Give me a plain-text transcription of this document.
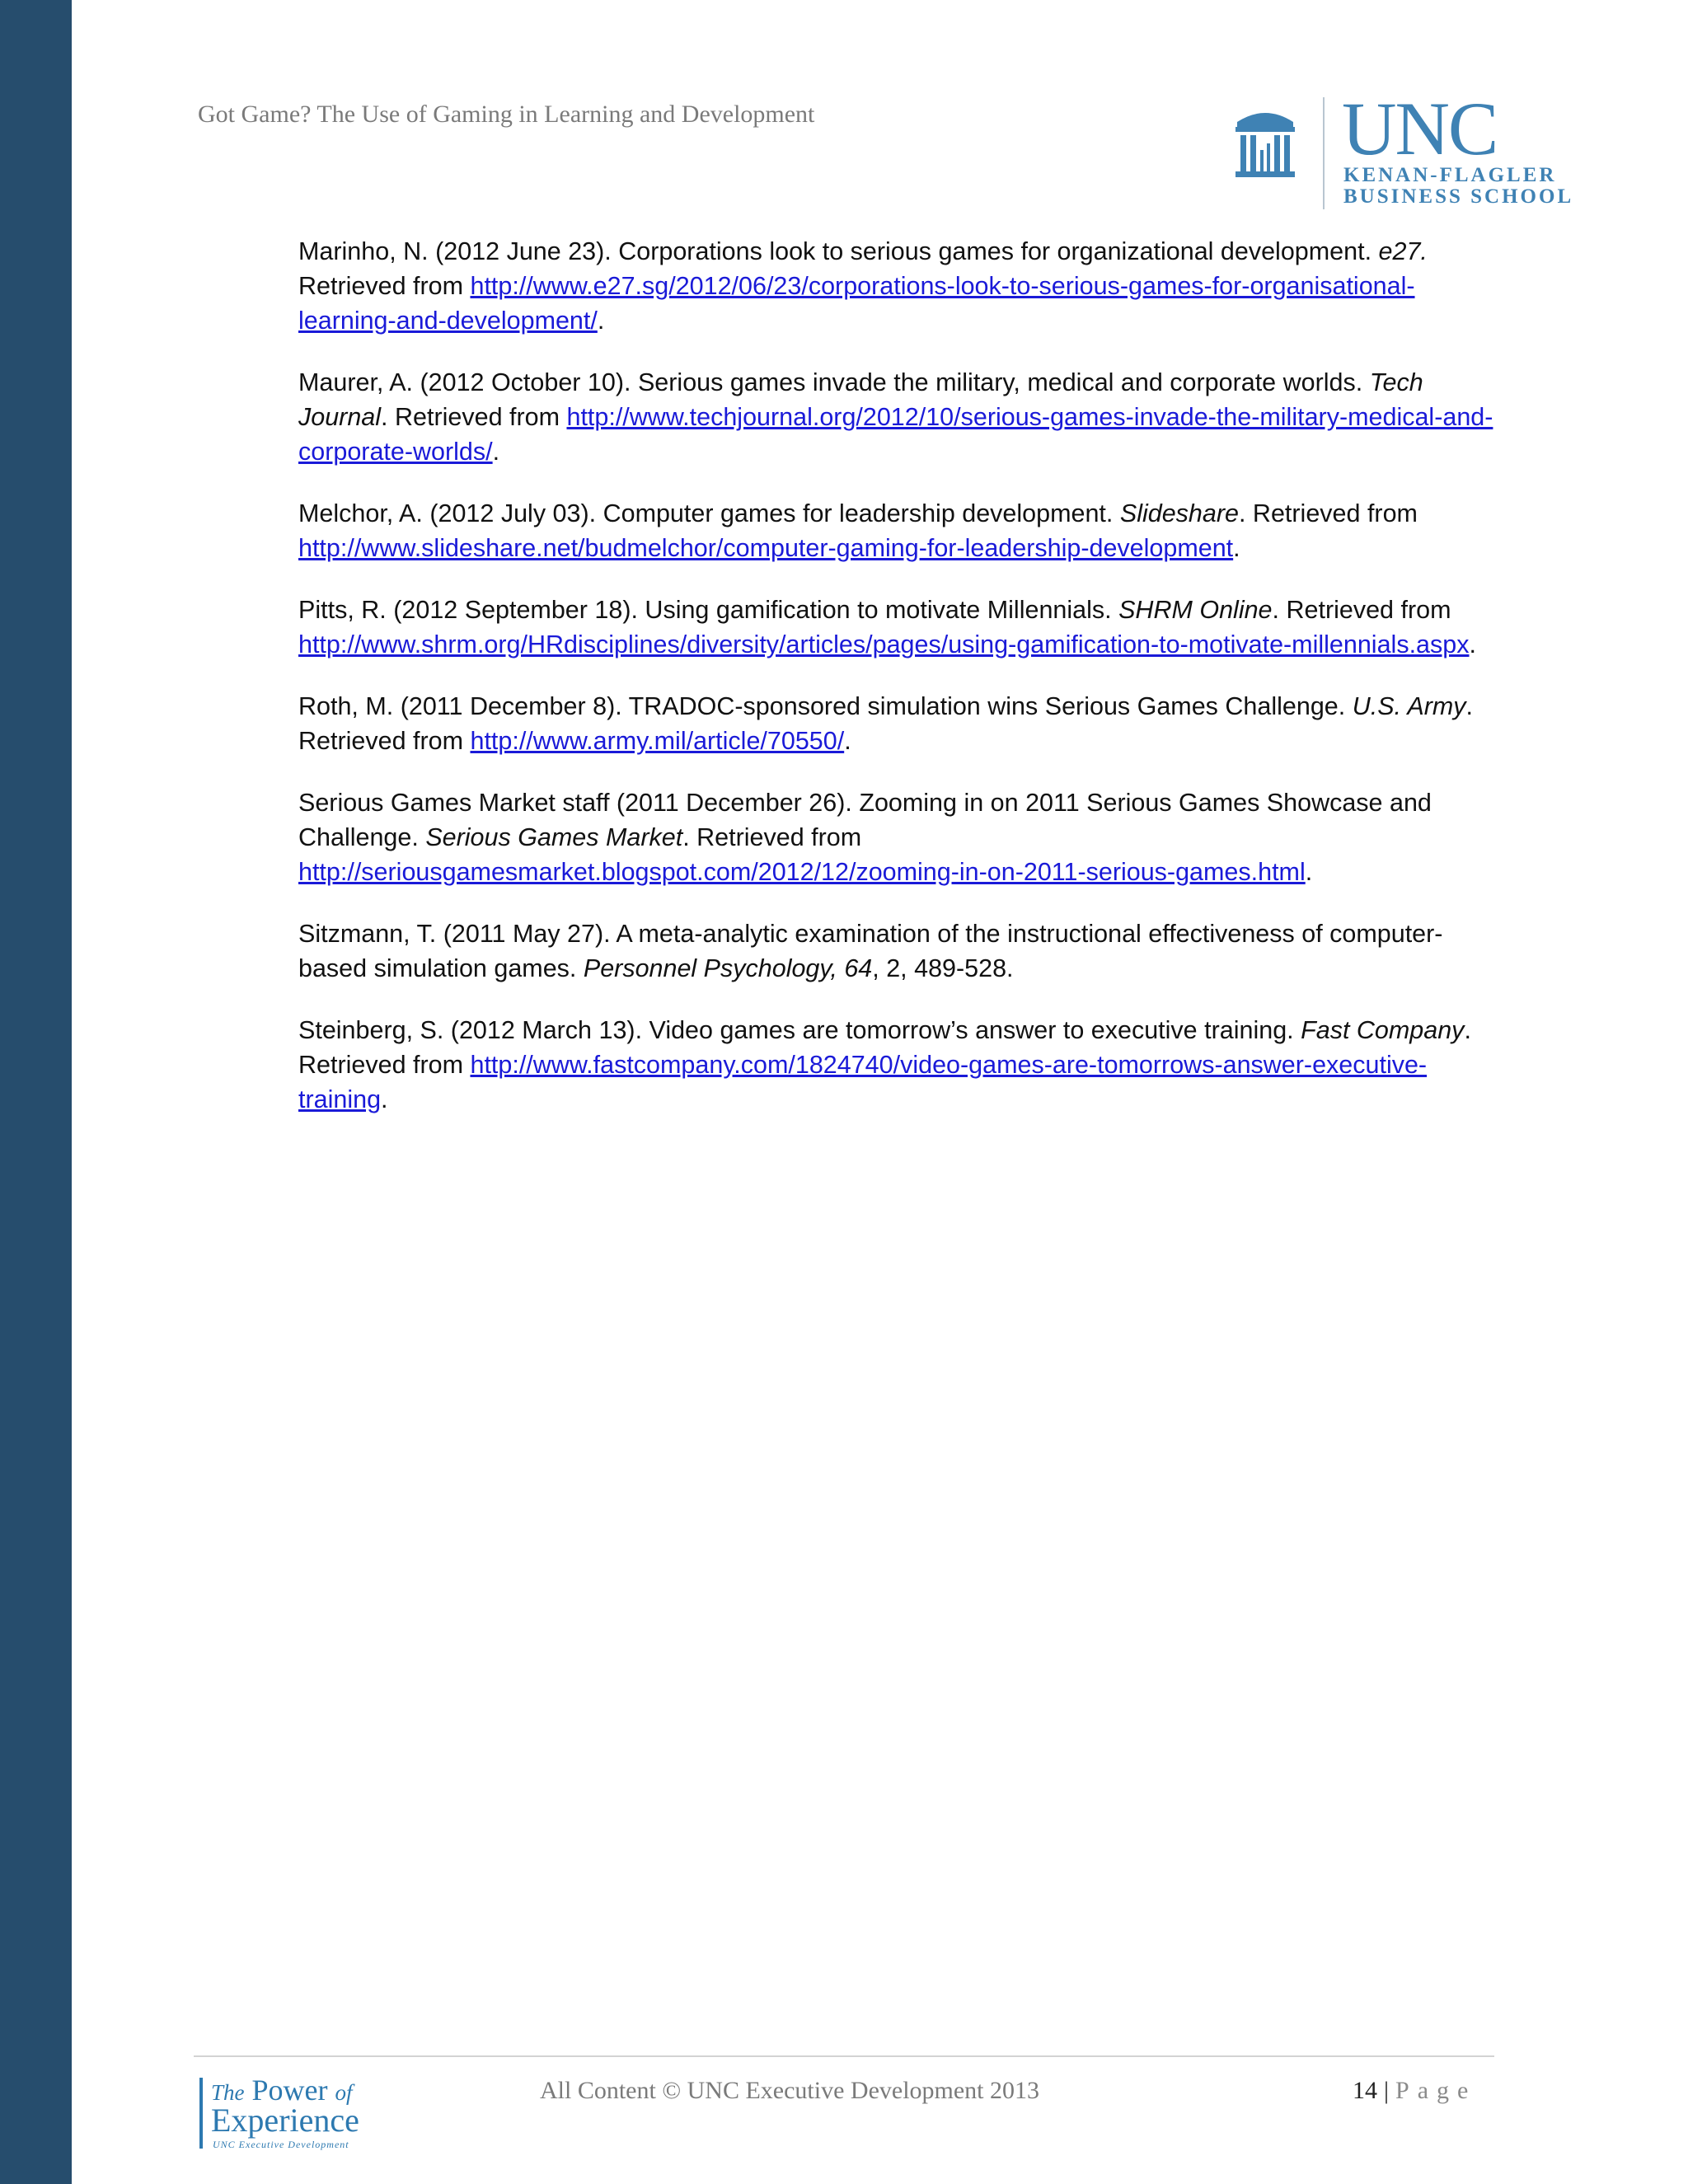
Got Game? The Use of Gaming in Learning and Development	UNC
KENAN-FLAGLER
BUSINESS SCHOOL

Marinho, N. (2012 June 23). Corporations look to serious games for organizational development. e27. Retrieved from http://www.e27.sg/2012/06/23/corporations-look-to-serious-games-for-organisational-learning-and-development/.

Maurer, A. (2012 October 10). Serious games invade the military, medical and corporate worlds. Tech Journal. Retrieved from http://www.techjournal.org/2012/10/serious-games-invade-the-military-medical-and-corporate-worlds/.

Melchor, A. (2012 July 03). Computer games for leadership development. Slideshare. Retrieved from http://www.slideshare.net/budmelchor/computer-gaming-for-leadership-development.

Pitts, R. (2012 September 18). Using gamification to motivate Millennials. SHRM Online. Retrieved from http://www.shrm.org/HRdisciplines/diversity/articles/pages/using-gamification-to-motivate-millennials.aspx.

Roth, M. (2011 December 8). TRADOC-sponsored simulation wins Serious Games Challenge. U.S. Army. Retrieved from http://www.army.mil/article/70550/.

Serious Games Market staff (2011 December 26). Zooming in on 2011 Serious Games Showcase and Challenge. Serious Games Market. Retrieved from http://seriousgamesmarket.blogspot.com/2012/12/zooming-in-on-2011-serious-games.html.

Sitzmann, T. (2011 May 27). A meta-analytic examination of the instructional effectiveness of computer-based simulation games. Personnel Psychology, 64, 2, 489-528.

Steinberg, S. (2012 March 13). Video games are tomorrow’s answer to executive training. Fast Company. Retrieved from http://www.fastcompany.com/1824740/video-games-are-tomorrows-answer-executive-training.

The Power of
Experience
UNC Executive Development
All Content © UNC Executive Development 2013	14 | Page
